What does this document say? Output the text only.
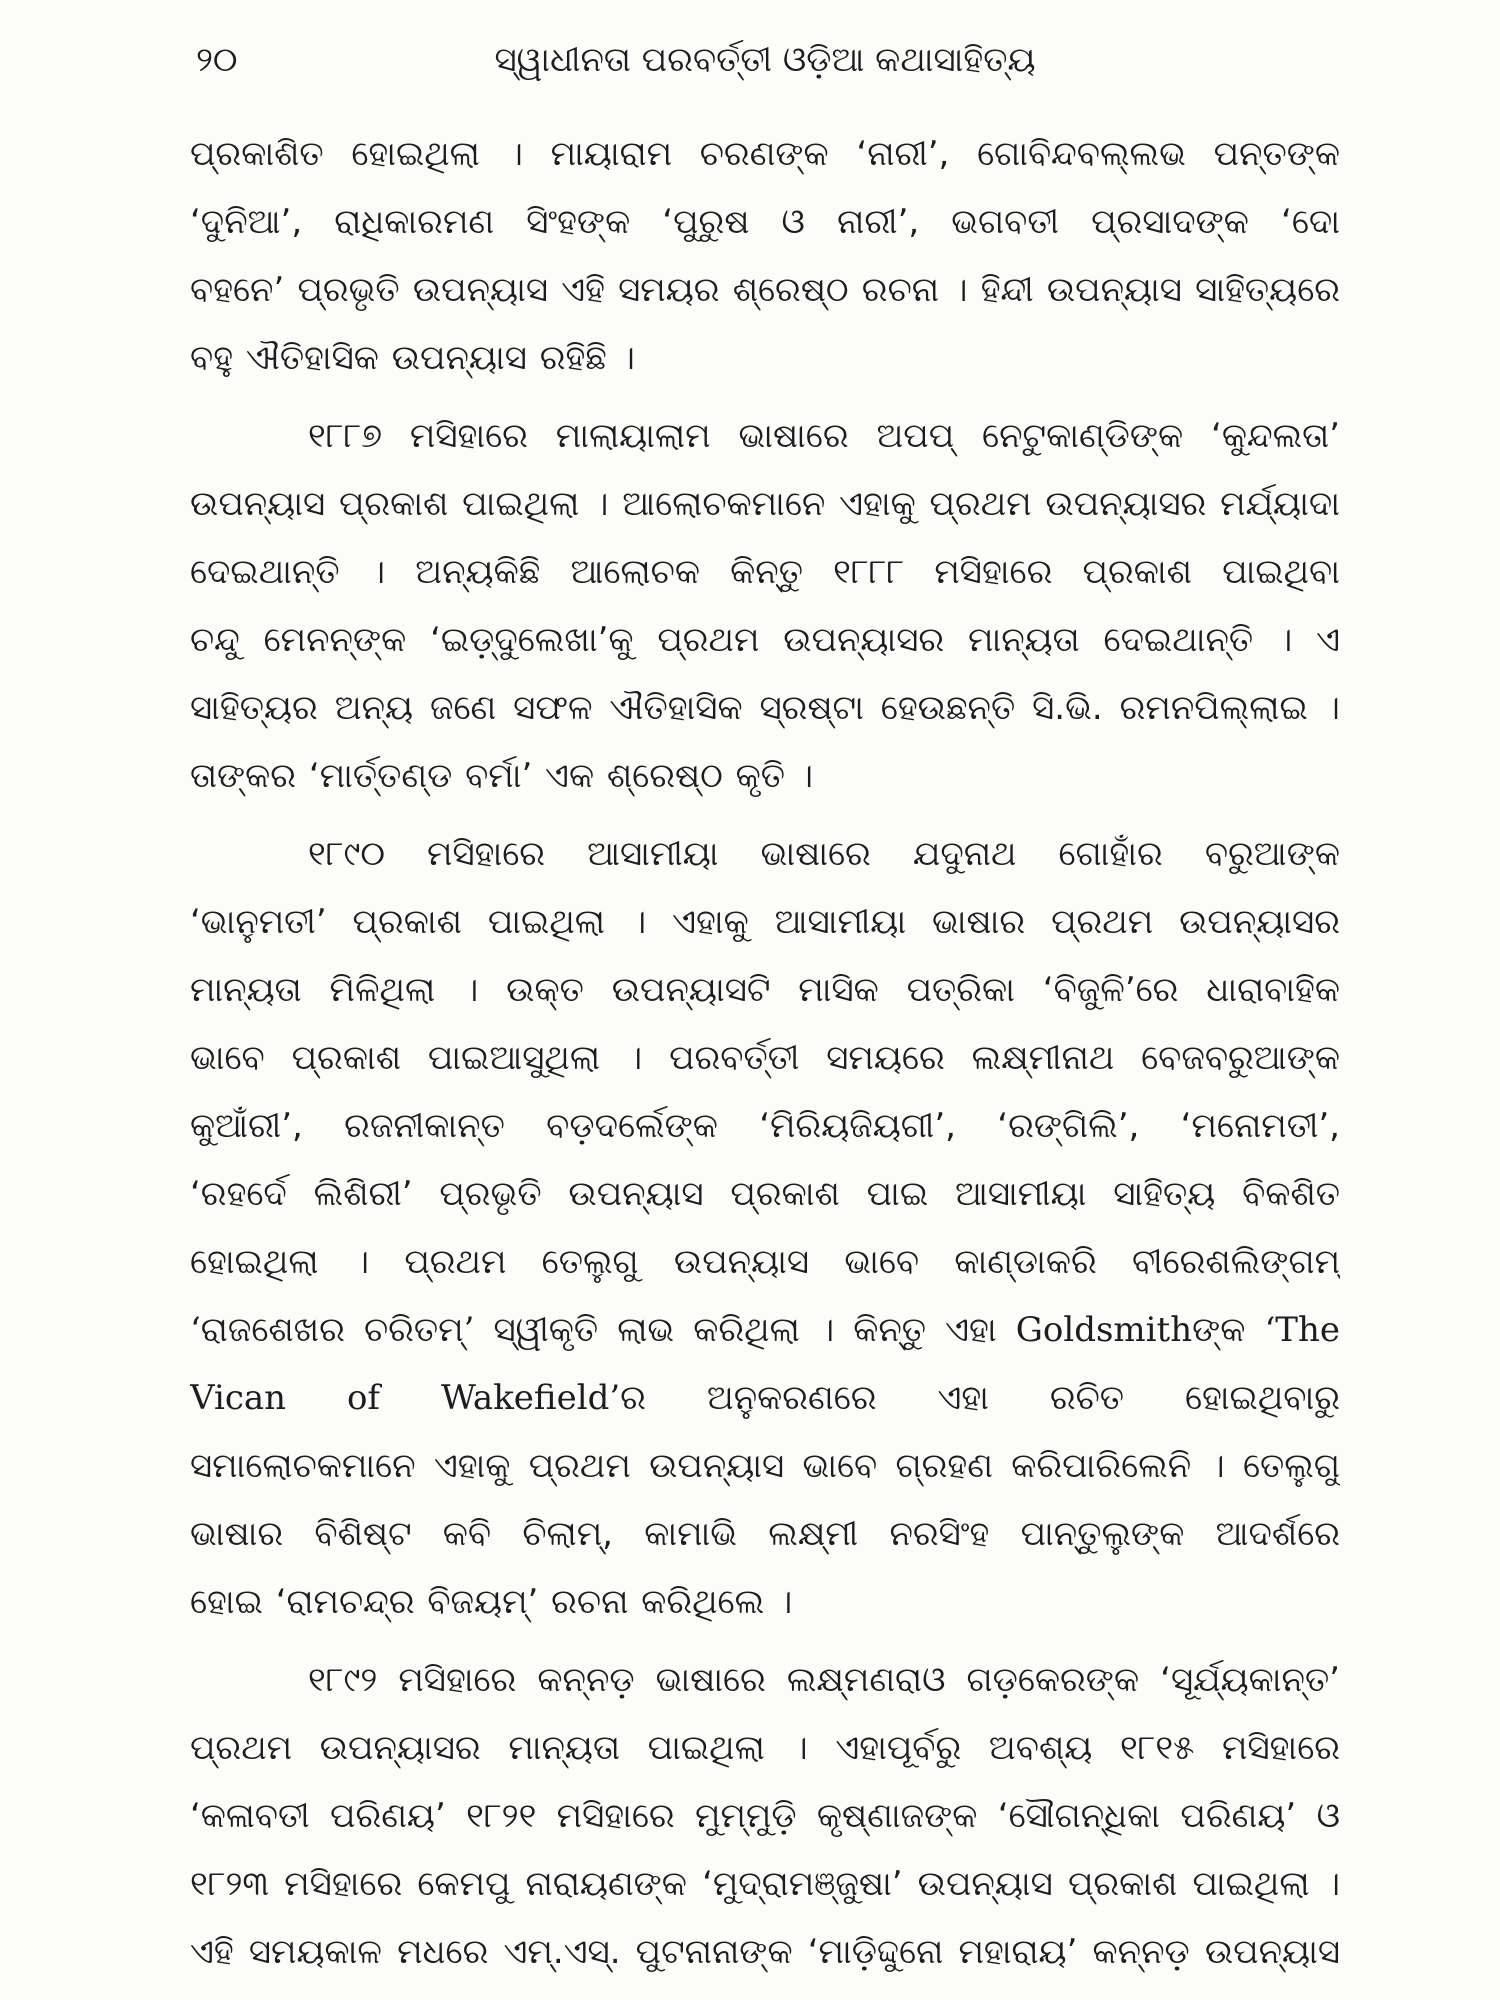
୨୦	ସ୍ୱାଧୀନତା ପରବର୍ତ୍ତୀ ଓଡ଼ିଆ କଥାସାହିତ୍ୟ

ପ୍ରକାଶିତ ହୋଇଥିଲା । ମାୟାରାମ ଚରଣଙ୍କ ‘ନାରୀ’, ଗୋବିନ୍ଦବଲ୍ଲଭ ପନ୍ତଙ୍କ
‘ଦୁନିଆ’, ରାଧିକାରମଣ ସିଂହଙ୍କ ‘ପୁରୁଷ ଓ ନାରୀ’, ଭଗବତୀ ପ୍ରସାଦଙ୍କ ‘ଦୋ
ବହନେ’ ପ୍ରଭୃତି ଉପନ୍ୟାସ ଏହି ସମୟର ଶ୍ରେଷ୍ଠ ରଚନା । ହିନ୍ଦୀ ଉପନ୍ୟାସ ସାହିତ୍ୟରେ
ବହୁ ଐତିହାସିକ ଉପନ୍ୟାସ ରହିଛି ।

୧୮୮୭ ମସିହାରେ ମାଲାୟାଲାମ ଭାଷାରେ ଅପପ୍ ନେଟୁକାଣ୍ଡିଙ୍କ ‘କୁନ୍ଦଲତା’
ଉପନ୍ୟାସ ପ୍ରକାଶ ପାଇଥିଲା । ଆଲୋଚକମାନେ ଏହାକୁ ପ୍ରଥମ ଉପନ୍ୟାସର ମର୍ଯ୍ୟାଦା
ଦେଇଥାନ୍ତି । ଅନ୍ୟକିଛି ଆଲୋଚକ କିନ୍ତୁ ୧୮୮୮ ମସିହାରେ ପ୍ରକାଶ ପାଇଥିବା
ଚନ୍ଦୁ ମେନନ୍‌ଙ୍କ ‘ଇଡ଼୍‌ଦୁଲେଖା’କୁ ପ୍ରଥମ ଉପନ୍ୟାସର ମାନ୍ୟତା ଦେଇଥାନ୍ତି । ଏ
ସାହିତ୍ୟର ଅନ୍ୟ ଜଣେ ସଫଳ ଐତିହାସିକ ସ୍ରଷ୍ଟା ହେଉଛନ୍ତି ସି.ଭି. ରମନପିଲ୍ଲାଇ ।
ତାଙ୍କର ‘ମାର୍ତ୍ତଣ୍ଡ ବର୍ମା’ ଏକ ଶ୍ରେଷ୍ଠ କୃତି ।

୧୮୯୦ ମସିହାରେ ଆସାମୀୟା ଭାଷାରେ ଯଦୁନାଥ ଗୋହାଁର ବରୁଆଙ୍କ
‘ଭାନୁମତୀ’ ପ୍ରକାଶ ପାଇଥିଲା । ଏହାକୁ ଆସାମୀୟା ଭାଷାର ପ୍ରଥମ ଉପନ୍ୟାସର
ମାନ୍ୟତା ମିଳିଥିଲା । ଉକ୍ତ ଉପନ୍ୟାସଟି ମାସିକ ପତ୍ରିକା ‘ବିଜୁଳି’ରେ ଧାରାବାହିକ
ଭାବେ ପ୍ରକାଶ ପାଇଆସୁଥିଲା । ପରବର୍ତ୍ତୀ ସମୟରେ ଲକ୍ଷ୍ମୀନାଥ ବେଜବରୁଆଙ୍କ
କୁଆଁରୀ’, ରଜନୀକାନ୍ତ ବଡ଼ଦର୍ଲେଙ୍କ ‘ମିରିୟଜିୟଗୀ’, ‘ରଙ୍ଗିଲି’, ‘ମନୋମତୀ’,
‘ରହର୍ଦେ ଲିଶିରୀ’ ପ୍ରଭୃତି ଉପନ୍ୟାସ ପ୍ରକାଶ ପାଇ ଆସାମୀୟା ସାହିତ୍ୟ ବିକଶିତ
ହୋଇଥିଲା । ପ୍ରଥମ ତେଲୁଗୁ ଉପନ୍ୟାସ ଭାବେ କାଣ୍ଡାକରି ବୀରେଶଲିଙ୍ଗମ୍
‘ରାଜଶେଖର ଚରିତମ୍’ ସ୍ୱୀକୃତି ଲାଭ କରିଥିଲା । କିନ୍ତୁ ଏହା Goldsmithଙ୍କ ‘The
Vican of Wakefield’ର ଅନୁକରଣରେ ଏହା ରଚିତ ହୋଇଥିବାରୁ
ସମାଲୋଚକମାନେ ଏହାକୁ ପ୍ରଥମ ଉପନ୍ୟାସ ଭାବେ ଗ୍ରହଣ କରିପାରିଲେନି । ତେଲୁଗୁ
ଭାଷାର ବିଶିଷ୍ଟ କବି ଚିଲାମ୍, କାମାଭି ଲକ୍ଷ୍ମୀ ନରସିଂହ ପାନ୍ତୁଲୁଙ୍କ ଆଦର୍ଶରେ
ହୋଇ ‘ରାମଚନ୍ଦ୍ର ବିଜୟମ୍’ ରଚନା କରିଥିଲେ ।

୧୮୯୨ ମସିହାରେ କନ୍ନଡ଼ ଭାଷାରେ ଲକ୍ଷ୍ମଣରାଓ ଗଡ଼କେରଙ୍କ ‘ସୂର୍ଯ୍ୟକାନ୍ତ’
ପ୍ରଥମ ଉପନ୍ୟାସର ମାନ୍ୟତା ପାଇଥିଲା । ଏହାପୂର୍ବରୁ ଅବଶ୍ୟ ୧୮୧୫ ମସିହାରେ
‘କଳାବତୀ ପରିଣୟ’ ୧୮୨୧ ମସିହାରେ ମୁମ୍ମୁଡ଼ି କୃଷ୍ଣାଜଙ୍କ ‘ସୌଗନ୍ଧିକା ପରିଣୟ’ ଓ
୧୮୨୩ ମସିହାରେ କେମପୁ ନାରାୟଣଙ୍କ ‘ମୁଦ୍ରାମଞ୍ଜୁଷା’ ଉପନ୍ୟାସ ପ୍ରକାଶ ପାଇଥିଲା ।
ଏହି ସମୟକାଳ ମଧରେ ଏମ୍.ଏସ୍. ପୁଟନାନାଙ୍କ ‘ମାଡ଼ିଦ୍ଦୁନୋ ମହାରାୟ’ କନ୍ନଡ଼ ଉପନ୍ୟାସ
